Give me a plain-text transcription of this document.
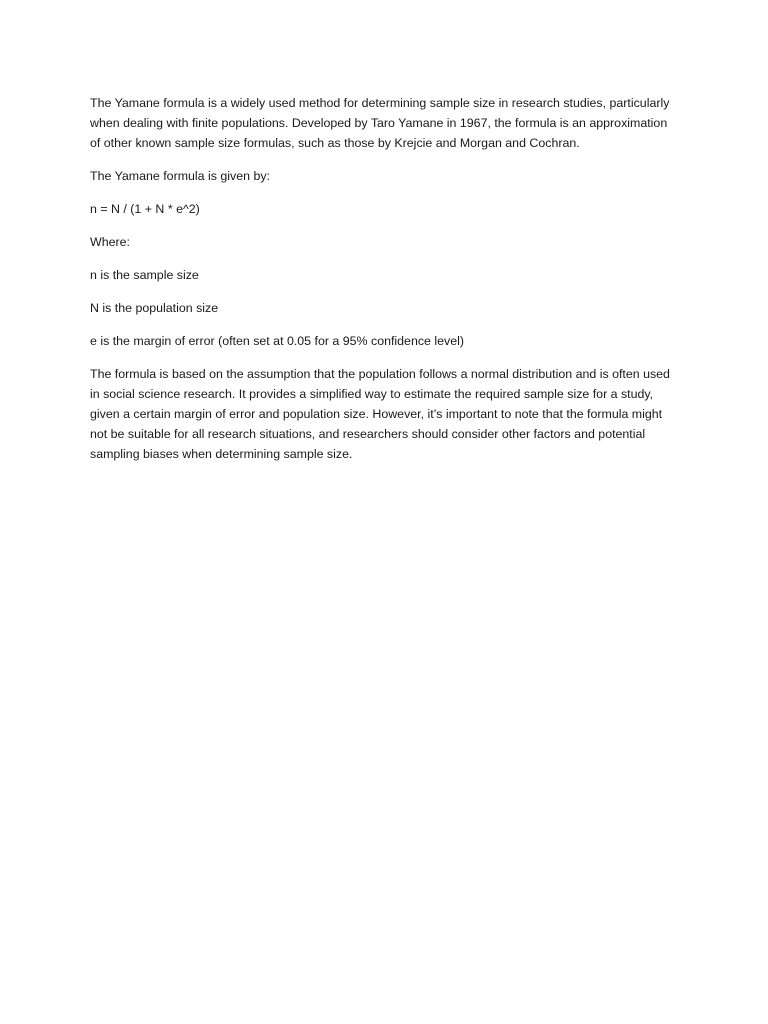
The Yamane formula is a widely used method for determining sample size in research studies, particularly when dealing with finite populations. Developed by Taro Yamane in 1967, the formula is an approximation of other known sample size formulas, such as those by Krejcie and Morgan and Cochran.

The Yamane formula is given by:

n = N / (1 + N * e^2)

Where:

n is the sample size

N is the population size

e is the margin of error (often set at 0.05 for a 95% confidence level)

The formula is based on the assumption that the population follows a normal distribution and is often used in social science research. It provides a simplified way to estimate the required sample size for a study, given a certain margin of error and population size. However, it’s important to note that the formula might not be suitable for all research situations, and researchers should consider other factors and potential sampling biases when determining sample size.
